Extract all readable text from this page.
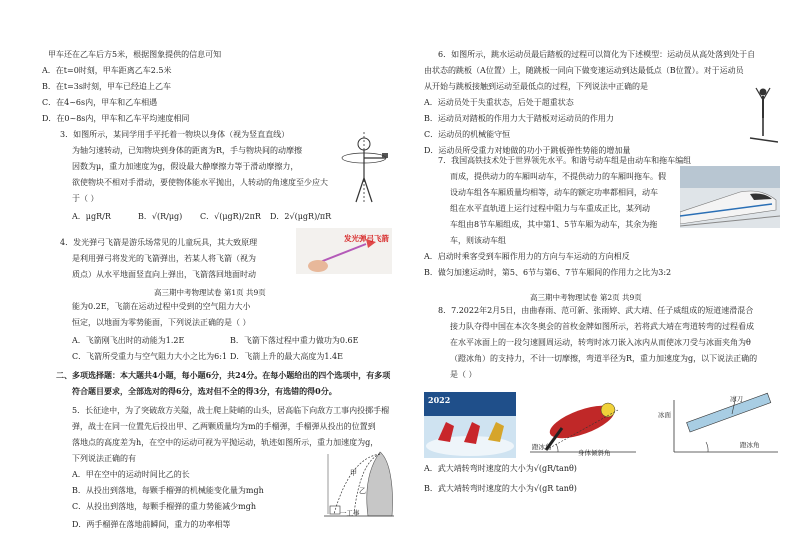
甲车还在乙车后方5米，根据图象提供的信息可知
A．在t=0时刻，甲车距离乙车2.5米
B．在t=3s时刻，甲车已经追上乙车
C．在4~6s内，甲车和乙车相遇
D．在0~8s内，甲车和乙车平均速度相同
3．如图所示，某同学用手平托着一物块以身体（视为竖直直线）
为轴匀速转动，已知物块到身体的距离为R，手与物块间的动摩擦
因数为μ，重力加速度为g，假设最大静摩擦力等于滑动摩擦力，
欲使物块不相对手滑动，要使物体能水平抛出，人转动的角速度至少应大
于（ ）
A．μgR/R	B．√(R/μg) C．√(μgR)/2πR D．2√(μgR)/πR
4．发光弹弓飞箭是游乐场常见的儿童玩具，其大致原理
是利用弹弓将发光的飞箭弹出，若某人将飞箭（视为
质点）从水平地面竖直向上弹出，飞箭落回地面时动
发光弹弓飞箭
高三期中考物理试卷 第1页 共9页
能为0.2E，飞箭在运动过程中受到的空气阻力大小
恒定，以地面为零势能面，下列说法正确的是（ ）
A．飞箭刚飞出时的动能为1.2E	B．飞箭下落过程中重力做功为0.6E
C．飞箭所受重力与空气阻力大小之比为6:1 D．飞箭上升的最大高度为1.4E
二、多项选择题：本大题共4小题，每小题6分，共24分。在每小题给出的四个选项中，有多项
符合题目要求，全部选对的得6分，选对但不全的得3分，有选错的得0分。
5．长征途中，为了突破敌方关隘，战士爬上陡峭的山头，居高临下向敌方工事内投掷手榴
弹，战士在同一位置先后投出甲、乙两颗质量均为m的手榴弹，手榴弹从投出的位置到
落地点的高度差为h，在空中的运动可视为平抛运动，轨迹如图所示，重力加速度为g，
下列说法正确的有
A．甲在空中的运动时间比乙的长
B．从投出到落地，每颗手榴弹的机械能变化量为mgh
C．从投出到落地，每颗手榴弹的重力势能减少mgh
D．两手榴弹在落地前瞬间，重力的功率相等
甲
乙
一工事
6．如图所示，跳水运动员最后踏板的过程可以简化为下述模型：运动员从高处落到处于自
由状态的跳板（A位置）上，随跳板一同向下做变速运动到达最低点（B位置）。对于运动员
从开始与跳板接触到运动至最低点的过程，下列说法中正确的是
A．运动员处于失重状态，后处于超重状态
B．运动员对踏板的作用力大于踏板对运动员的作用力
C．运动员的机械能守恒
D．运动员所受重力对她做的功小于跳板弹性势能的增加量
7．我国高铁技术处于世界领先水平。和谐号动车组是由动车和拖车编组
而成，提供动力的车厢叫动车，不提供动力的车厢叫拖车。假
设动车组各车厢质量均相等，动车的额定功率都相同，动车
组在水平直轨道上运行过程中阻力与车重成正比，某列动
车组由8节车厢组成，其中第1、5节车厢为动车，其余为拖
车，则该动车组
A．启动时乘客受到车厢作用力的方向与车运动的方向相反
B．做匀加速运动时，第5、6节与第6、7节车厢间的作用力之比为3:2
高三期中考物理试卷 第2页 共9页
8．7.2022年2月5日，由曲春雨、范可新、张雨婷、武大靖、任子威组成的短道速滑混合
接力队夺得中国在本次冬奥会的首枚金牌如图所示，若将武大靖在弯道转弯的过程看成
在水平冰面上的一段匀速圆周运动，转弯时冰刀嵌入冰内从而使冰刀受与冰面夹角为θ
（蹬冰角）的支持力，不计一切摩擦，弯道半径为R，重力加速度为g，以下说法正确的
是（ ）
2022
蹬冰角
身体倾斜角
冰面
冰刀
蹬冰角
A．武大靖转弯时速度的大小为√(gR/tanθ)
B．武大靖转弯时速度的大小为√(gR tanθ)
